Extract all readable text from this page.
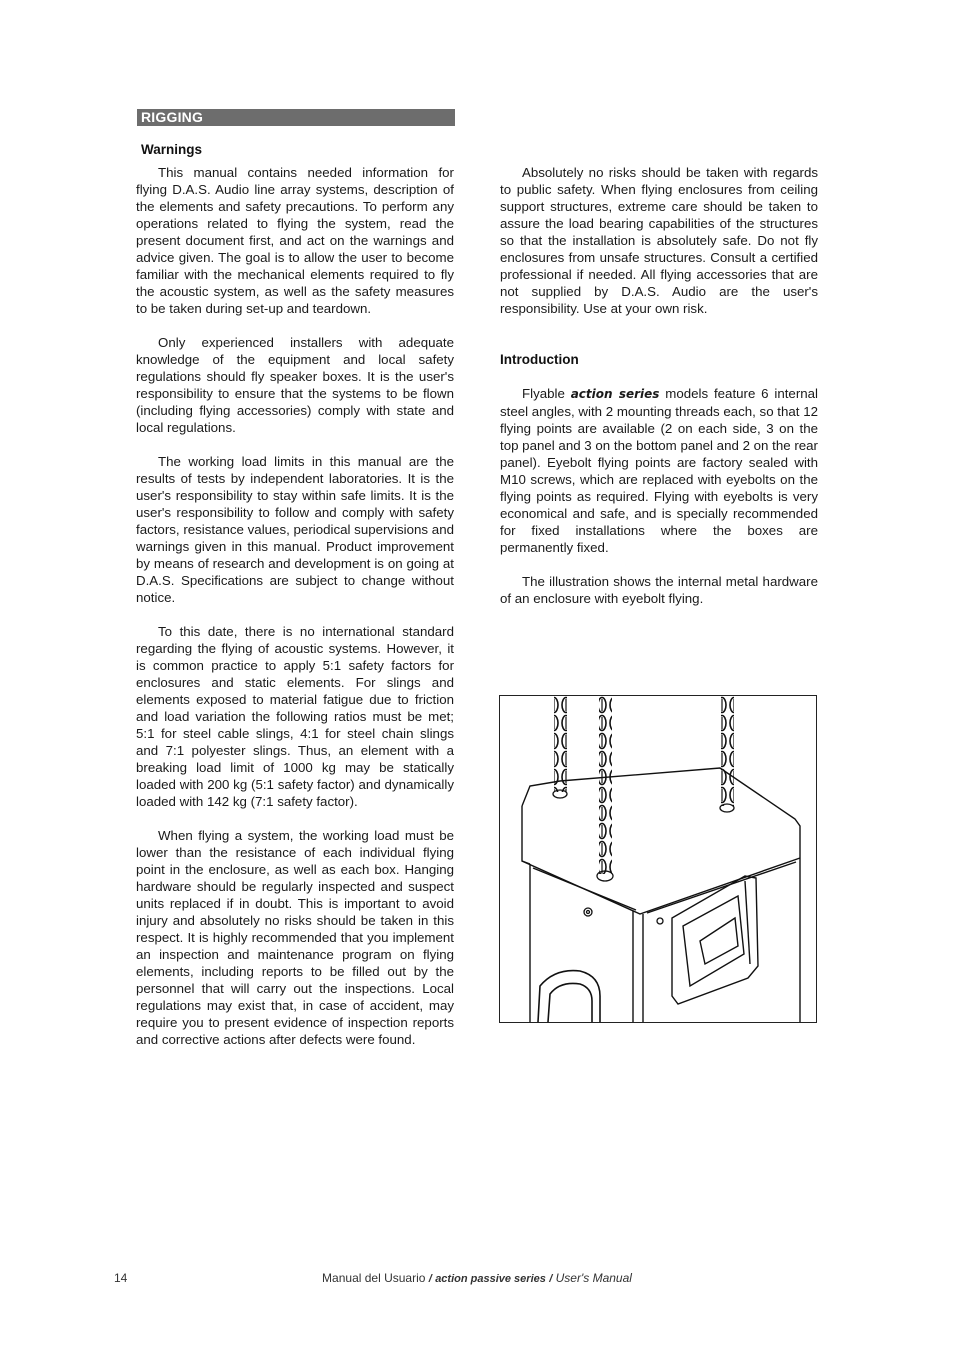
RIGGING
Warnings

This manual contains needed information for flying D.A.S. Audio line array systems, description of the elements and safety precautions. To perform any operations related to flying the system, read the present document first, and act on the warnings and advice given. The goal is to allow the user to become familiar with the mechanical elements required to fly the acoustic system, as well as the safety measures to be taken during set-up and teardown.

Only experienced installers with adequate knowledge of the equipment and local safety regulations should fly speaker boxes. It is the user's responsibility to ensure that the systems to be flown (including flying accessories) comply with state and local regulations.

The working load limits in this manual are the results of tests by independent laboratories. It is the user's responsibility to stay within safe limits. It is the user's responsibility to follow and comply with safety factors, resistance values, periodical supervisions and warnings given in this manual. Product improvement by means of research and development is on going at D.A.S. Specifications are subject to change without notice.

To this date, there is no international standard regarding the flying of acoustic systems. However, it is common practice to apply 5:1 safety factors for enclosures and static elements. For slings and elements exposed to material fatigue due to friction and load variation the following ratios must be met; 5:1 for steel cable slings, 4:1 for steel chain slings and 7:1 polyester slings. Thus, an element with a breaking load limit of 1000 kg may be statically loaded with 200 kg (5:1 safety factor) and dynamically loaded with 142 kg (7:1 safety factor).

When flying a system, the working load must be lower than the resistance of each individual flying point in the enclosure, as well as each box. Hanging hardware should be regularly inspected and suspect units replaced if in doubt. This is important to avoid injury and absolutely no risks should be taken in this respect. It is highly recommended that you implement an inspection and maintenance program on flying elements, including reports to be filled out by the personnel that will carry out the inspections. Local regulations may exist that, in case of accident, may require you to present evidence of inspection reports and corrective actions after defects were found.

Absolutely no risks should be taken with regards to public safety. When flying enclosures from ceiling support structures, extreme care should be taken to assure the load bearing capabilities of the structures so that the installation is absolutely safe. Do not fly enclosures from unsafe structures. Consult a certified professional if needed. All flying accessories that are not supplied by D.A.S. Audio are the user's responsibility. Use at your own risk.

Introduction

Flyable action series models feature 6 internal steel angles, with 2 mounting threads each, so that 12 flying points are available (2 on each side, 3 on the top panel and 3 on the bottom panel and 2 on the rear panel). Eyebolt flying points are factory sealed with M10 screws, which are replaced with eyebolts on the flying points as required. Flying with eyebolts is very economical and safe, and is specially recommended for fixed installations where the boxes are permanently fixed.

The illustration shows the internal metal hardware of an enclosure with eyebolt flying.

14	Manual del Usuario / action passive series / User's Manual
